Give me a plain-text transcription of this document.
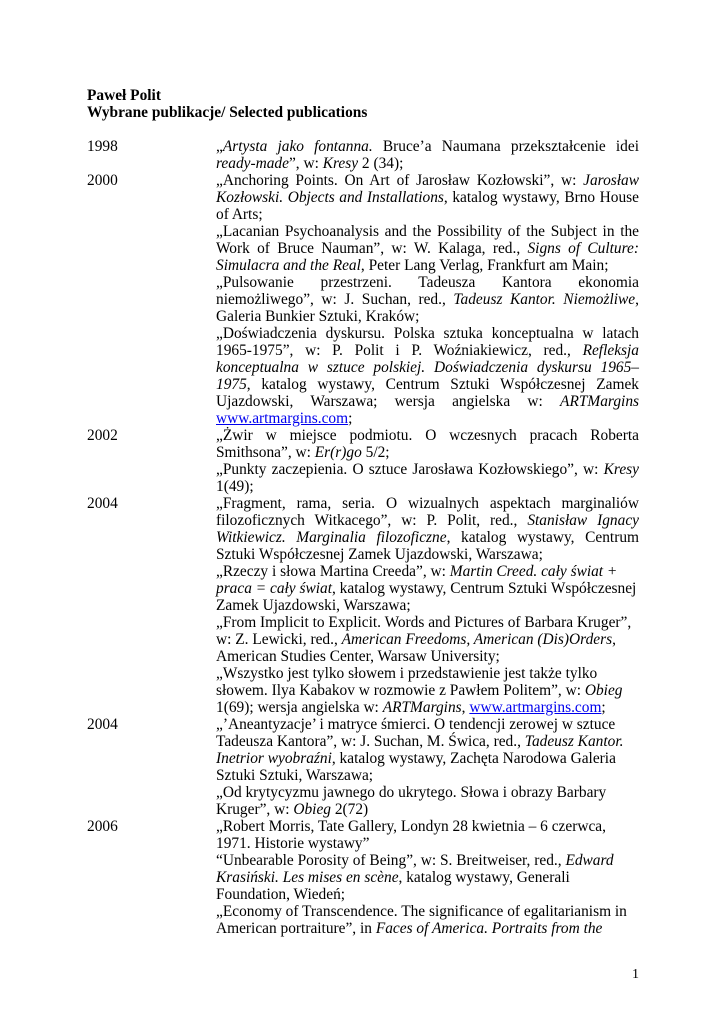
Paweł Polit
Wybrane publikacje/ Selected publications
1998	„Artysta jako fontanna. Bruce’a Naumana przekształcenie idei ready-made”, w: Kresy 2 (34);
2000	„Anchoring Points. On Art of Jarosław Kozłowski”, w: Jarosław Kozłowski. Objects and Installations, katalog wystawy, Brno House of Arts;
„Lacanian Psychoanalysis and the Possibility of the Subject in the Work of Bruce Nauman”, w: W. Kalaga, red., Signs of Culture: Simulacra and the Real, Peter Lang Verlag, Frankfurt am Main;
„Pulsowanie przestrzeni. Tadeusza Kantora ekonomia niemożliwego”, w: J. Suchan, red., Tadeusz Kantor. Niemożliwe, Galeria Bunkier Sztuki, Kraków;
„Doświadczenia dyskursu. Polska sztuka konceptualna w latach 1965-1975”, w: P. Polit i P. Woźniakiewicz, red., Refleksja konceptualna w sztuce polskiej. Doświadczenia dyskursu 1965–1975, katalog wystawy, Centrum Sztuki Współczesnej Zamek Ujazdowski, Warszawa; wersja angielska w: ARTMargins www.artmargins.com;
2002	„Żwir w miejsce podmiotu. O wczesnych pracach Roberta Smithsona”, w: Er(r)go 5/2;
„Punkty zaczepienia. O sztuce Jarosława Kozłowskiego”, w: Kresy 1(49);
2004	„Fragment, rama, seria. O wizualnych aspektach marginaliów filozoficznych Witkacego”, w: P. Polit, red., Stanisław Ignacy Witkiewicz. Marginalia filozoficzne, katalog wystawy, Centrum Sztuki Współczesnej Zamek Ujazdowski, Warszawa;
„Rzeczy i słowa Martina Creeda”, w: Martin Creed. cały świat + praca = cały świat, katalog wystawy, Centrum Sztuki Współczesnej Zamek Ujazdowski, Warszawa;
„From Implicit to Explicit. Words and Pictures of Barbara Kruger”, w: Z. Lewicki, red., American Freedoms, American (Dis)Orders, American Studies Center, Warsaw University;
„Wszystko jest tylko słowem i przedstawienie jest także tylko słowem. Ilya Kabakov w rozmowie z Pawłem Politem”, w: Obieg 1(69); wersja angielska w: ARTMargins, www.artmargins.com;
2004	„’Aneantyzacje’ i matryce śmierci. O tendencji zerowej w sztuce Tadeusza Kantora”, w: J. Suchan, M. Świca, red., Tadeusz Kantor. Inetrior wyobraźni, katalog wystawy, Zachęta Narodowa Galeria Sztuki Sztuki, Warszawa;
„Od krytycyzmu jawnego do ukrytego. Słowa i obrazy Barbary Kruger”, w: Obieg 2(72)
2006	„Robert Morris, Tate Gallery, Londyn 28 kwietnia – 6 czerwca, 1971. Historie wystawy”
“Unbearable Porosity of Being”, w: S. Breitweiser, red., Edward Krasiński. Les mises en scène, katalog wystawy, Generali Foundation, Wiedeń;
„Economy of Transcendence. The significance of egalitarianism in American portraiture”, in Faces of America. Portraits from the
1
